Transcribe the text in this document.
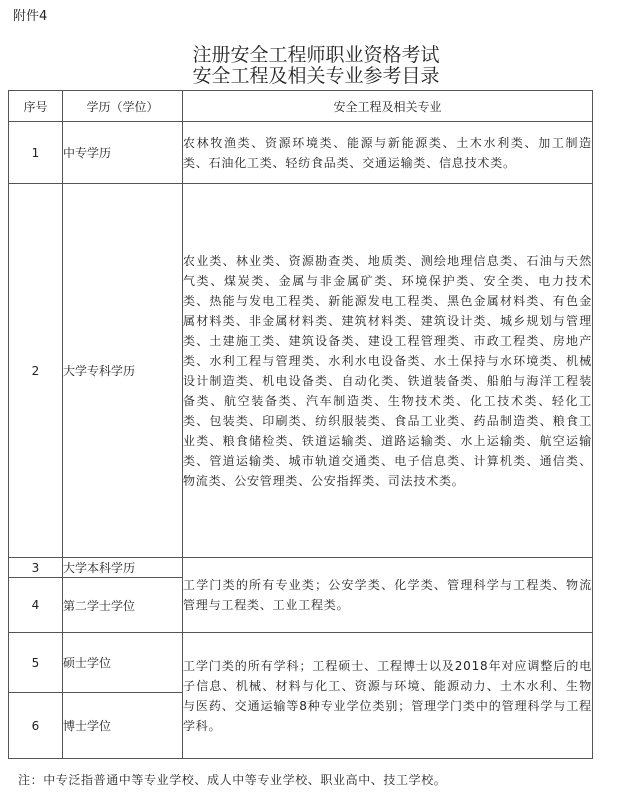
附件4
注册安全工程师职业资格考试
安全工程及相关专业参考目录
序号	学历（学位）	安全工程及相关专业
1	中专学历	农林牧渔类、资源环境类、能源与新能源类、土木水利类、加工制造类、石油化工类、轻纺食品类、交通运输类、信息技术类。

2	大学专科学历	农业类、林业类、资源勘查类、地质类、测绘地理信息类、石油与天然气类、煤炭类、金属与非金属矿类、环境保护类、安全类、电力技术类、热能与发电工程类、新能源发电工程类、黑色金属材料类、有色金属材料类、非金属材料类、建筑材料类、建筑设计类、城乡规划与管理类、土建施工类、建筑设备类、建设工程管理类、市政工程类、房地产类、水利工程与管理类、水利水电设备类、水土保持与水环境类、机械设计制造类、机电设备类、自动化类、铁道装备类、船舶与海洋工程装备类、航空装备类、汽车制造类、生物技术类、化工技术类、轻化工类、包装类、印刷类、纺织服装类、食品工业类、药品制造类、粮食工业类、粮食储检类、铁道运输类、道路运输类、水上运输类、航空运输类、管道运输类、城市轨道交通类、电子信息类、计算机类、通信类、物流类、公安管理类、公安指挥类、司法技术类。

3	大学本科学历	工学门类的所有专业类；公安学类、化学类、管理科学与工程类、物流管理与工程类、工业工程类。

4	第二学士学位	
5	硕士学位	工学门类的所有学科；工程硕士、工程博士以及2018年对应调整后的电子信息、机械、材料与化工、资源与环境、能源动力、土木水利、生物与医药、交通运输等8种专业学位类别；管理学门类中的管理科学与工程学科。

6	博士学位	
注：中专泛指普通中等专业学校、成人中等专业学校、职业高中、技工学校。
